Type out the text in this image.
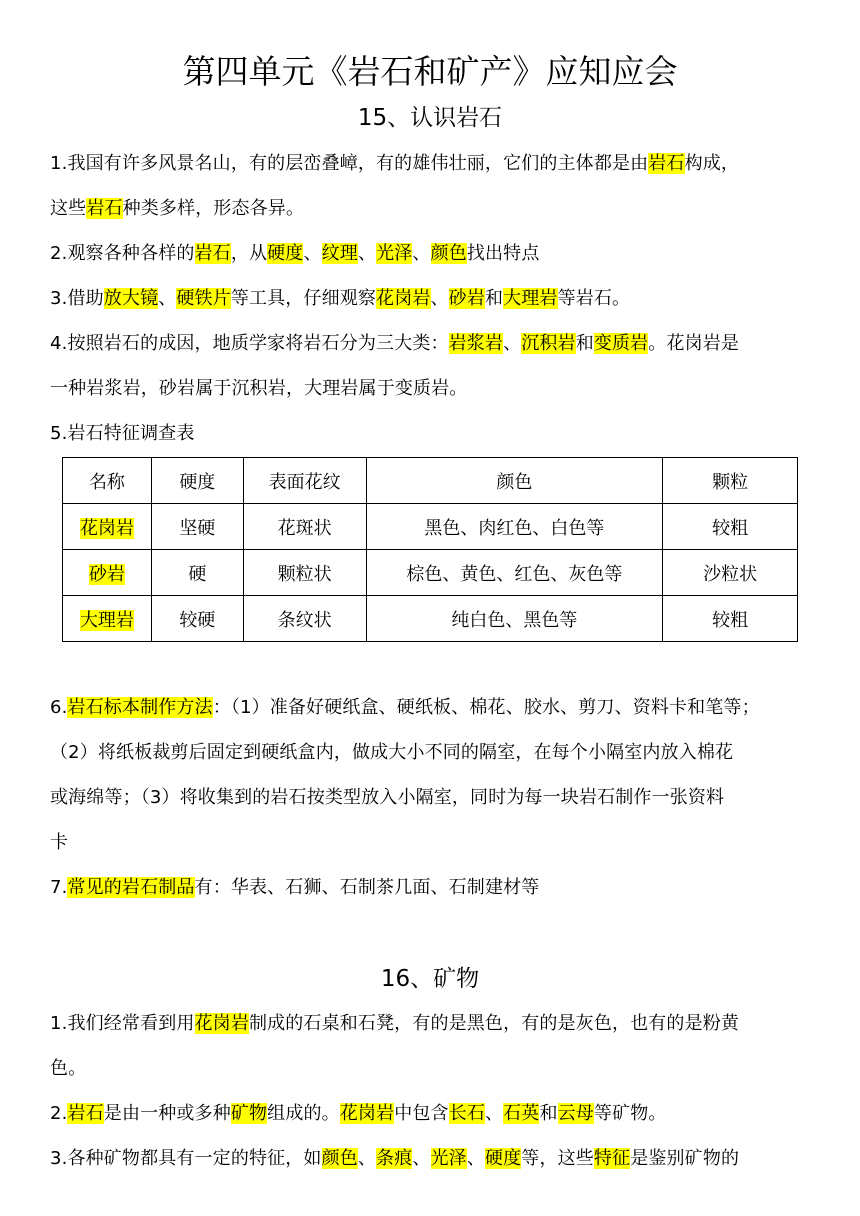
第四单元《岩石和矿产》应知应会
15、认识岩石
1.我国有许多风景名山，有的层峦叠嶂，有的雄伟壮丽，它们的主体都是由岩石构成，
这些岩石种类多样，形态各异。
2.观察各种各样的岩石，从硬度、纹理、光泽、颜色找出特点
3.借助放大镜、硬铁片等工具，仔细观察花岗岩、砂岩和大理岩等岩石。
4.按照岩石的成因，地质学家将岩石分为三大类：岩浆岩、沉积岩和变质岩。花岗岩是
一种岩浆岩，砂岩属于沉积岩，大理岩属于变质岩。
5.岩石特征调查表
名称	硬度	表面花纹	颜色	颗粒
花岗岩	坚硬	花斑状	黑色、肉红色、白色等	较粗
砂岩	硬	颗粒状	棕色、黄色、红色、灰色等	沙粒状
大理岩	较硬	条纹状	纯白色、黑色等	较粗
6.岩石标本制作方法：（1）准备好硬纸盒、硬纸板、棉花、胶水、剪刀、资料卡和笔等；
（2）将纸板裁剪后固定到硬纸盒内，做成大小不同的隔室，在每个小隔室内放入棉花
或海绵等；（3）将收集到的岩石按类型放入小隔室，同时为每一块岩石制作一张资料
卡
7.常见的岩石制品有：华表、石狮、石制茶几面、石制建材等
16、矿物
1.我们经常看到用花岗岩制成的石桌和石凳，有的是黑色，有的是灰色，也有的是粉黄
色。
2.岩石是由一种或多种矿物组成的。花岗岩中包含长石、石英和云母等矿物。
3.各种矿物都具有一定的特征，如颜色、条痕、光泽、硬度等，这些特征是鉴别矿物的
